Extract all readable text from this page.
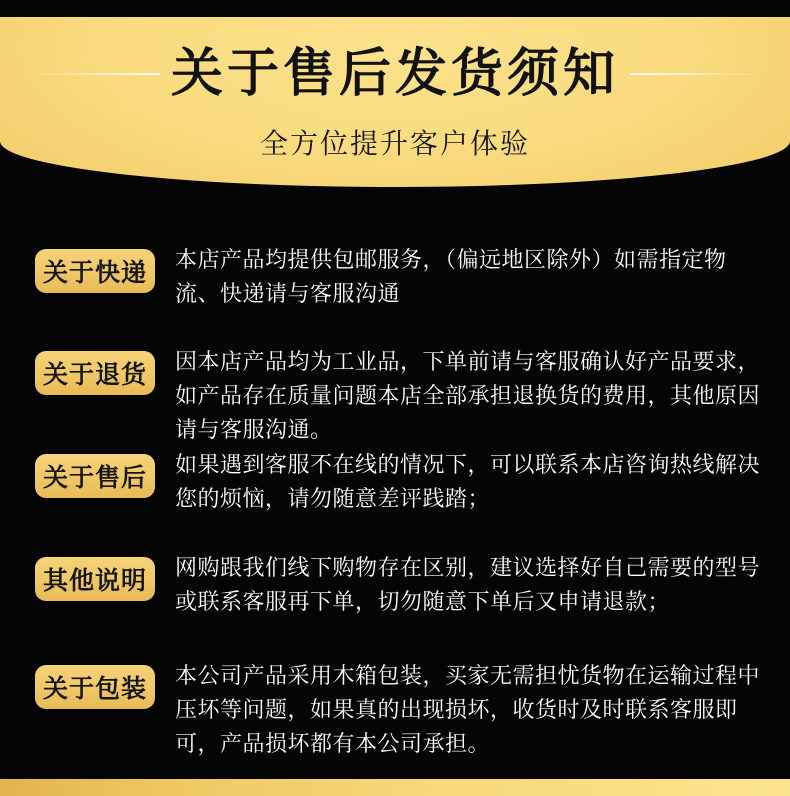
关于售后发货须知
全方位提升客户体验
关于快递	本店产品均提供包邮服务，（偏远地区除外）如需指定物流、快递请与客服沟通

关于退货	因本店产品均为工业品，下单前请与客服确认好产品要求，如产品存在质量问题本店全部承担退换货的费用，其他原因请与客服沟通。

关于售后	如果遇到客服不在线的情况下，可以联系本店咨询热线解决您的烦恼，请勿随意差评践踏；

其他说明	网购跟我们线下购物存在区别，建议选择好自己需要的型号或联系客服再下单，切勿随意下单后又申请退款；

关于包装	本公司产品采用木箱包装，买家无需担忧货物在运输过程中压坏等问题，如果真的出现损坏，收货时及时联系客服即可，产品损坏都有本公司承担。
